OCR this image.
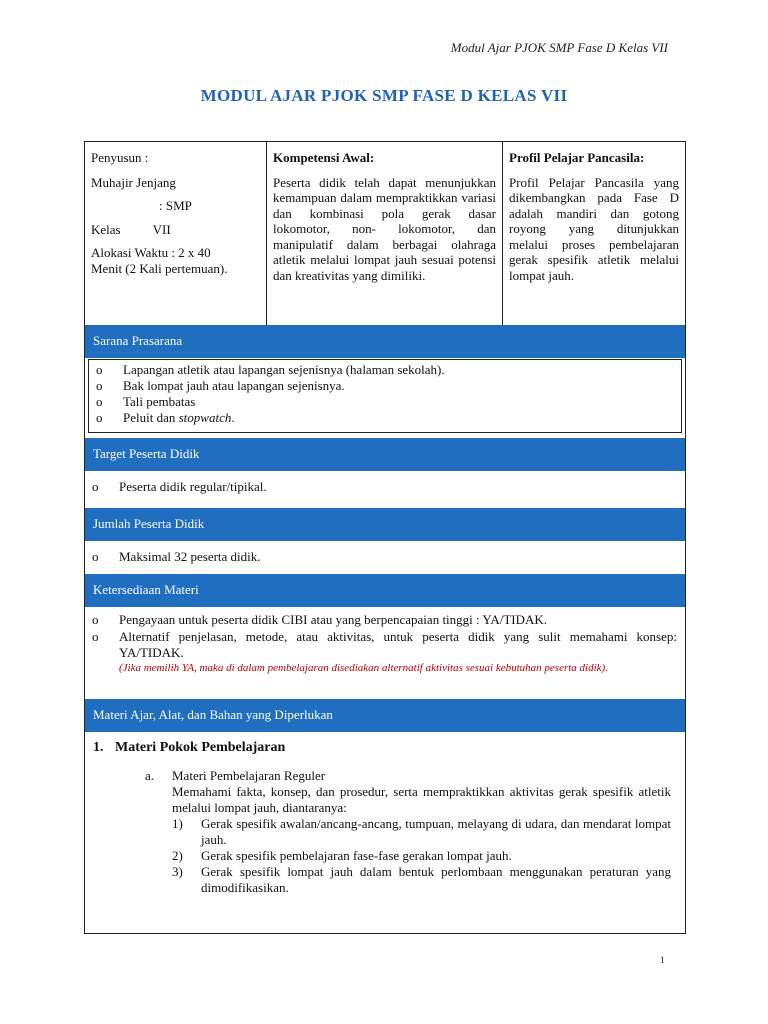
Modul Ajar PJOK SMP Fase D Kelas VII
MODUL AJAR PJOK SMP FASE D KELAS VII

Penyusun :

Muhajir Jenjang

: SMP

Kelas VII

Alokasi Waktu : 2 x 40

Menit (2 Kali pertemuan).

Kompetensi Awal:
Peserta didik telah dapat menunjukkan kemampuan dalam mempraktikkan variasi dan kombinasi pola gerak dasar lokomotor, non- lokomotor, dan manipulatif dalam berbagai olahraga atletik melalui lompat jauh sesuai potensi dan kreativitas yang dimiliki.
Profil Pelajar Pancasila:
Profil Pelajar Pancasila yang dikembangkan pada Fase D adalah mandiri dan gotong royong yang ditunjukkan melalui proses pembelajaran gerak spesifik atletik melalui lompat jauh.
Sarana Prasarana

o Lapangan atletik atau lapangan sejenisnya (halaman sekolah).

o Bak lompat jauh atau lapangan sejenisnya.

o Tali pembatas

o Peluit dan stopwatch.

Target Peserta Didik

o Peserta didik regular/tipikal.

Jumlah Peserta Didik

o Maksimal 32 peserta didik.

Ketersediaan Materi

o Pengayaan untuk peserta didik CIBI atau yang berpencapaian tinggi : YA/TIDAK.

o Alternatif penjelasan, metode, atau aktivitas, untuk peserta didik yang sulit memahami konsep: YA/TIDAK.

(Jika memilih YA, maka di dalam pembelajaran disediakan alternatif aktivitas sesuai kebutuhan peserta didik).
Materi Ajar, Alat, dan Bahan yang Diperlukan
1. Materi Pokok Pembelajaran
a. Materi Pembelajaran Reguler

Memahami fakta, konsep, dan prosedur, serta mempraktikkan aktivitas gerak spesifik atletik melalui lompat jauh, diantaranya:

1) Gerak spesifik awalan/ancang-ancang, tumpuan, melayang di udara, dan mendarat lompat jauh.

2) Gerak spesifik pembelajaran fase-fase gerakan lompat jauh.

3) Gerak spesifik lompat jauh dalam bentuk perlombaan menggunakan peraturan yang dimodifikasikan.

1
